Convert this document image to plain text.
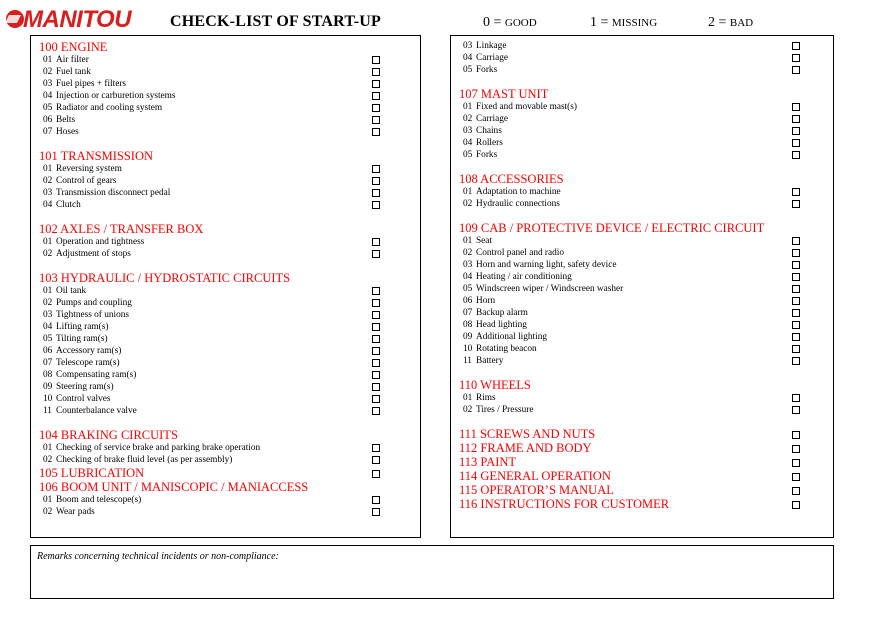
MANITOU CHECK-LIST OF START-UP	0 = GOOD	1 = MISSING	2 = BAD
100 ENGINE
01 Air filter
02 Fuel tank
03 Fuel pipes + filters
04 Injection or carburetion systems
05 Radiator and cooling system
06 Belts
07 Hoses
101 TRANSMISSION
01 Reversing system
02 Control of gears
03 Transmission disconnect pedal
04 Clutch
102 AXLES / TRANSFER BOX
01 Operation and tightness
02 Adjustment of stops
103 HYDRAULIC / HYDROSTATIC CIRCUITS
01 Oil tank
02 Pumps and coupling
03 Tightness of unions
04 Lifting ram(s)
05 Tilting ram(s)
06 Accessory ram(s)
07 Telescope ram(s)
08 Compensating ram(s)
09 Steering ram(s)
10 Control valves
11 Counterbalance valve
104 BRAKING CIRCUITS
01 Checking of service brake and parking brake operation
02 Checking of brake fluid level (as per assembly)
105 LUBRICATION
106 BOOM UNIT / MANISCOPIC / MANIACCESS
01 Boom and telescope(s)
02 Wear pads
03 Linkage
04 Carriage
05 Forks
107 MAST UNIT
01 Fixed and movable mast(s)
02 Carriage
03 Chains
04 Rollers
05 Forks
108 ACCESSORIES
01 Adaptation to machine
02 Hydraulic connections
109 CAB / PROTECTIVE DEVICE / ELECTRIC CIRCUIT
01 Seat
02 Control panel and radio
03 Horn and warning light, safety device
04 Heating / air conditioning
05 Windscreen wiper / Windscreen washer
06 Horn
07 Backup alarm
08 Head lighting
09 Additional lighting
10 Rotating beacon
11 Battery
110 WHEELS
01 Rims
02 Tires / Pressure
111 SCREWS AND NUTS
112 FRAME AND BODY
113 PAINT
114 GENERAL OPERATION
115 OPERATOR’S MANUAL
116 INSTRUCTIONS FOR CUSTOMER
Remarks concerning technical incidents or non-compliance:
